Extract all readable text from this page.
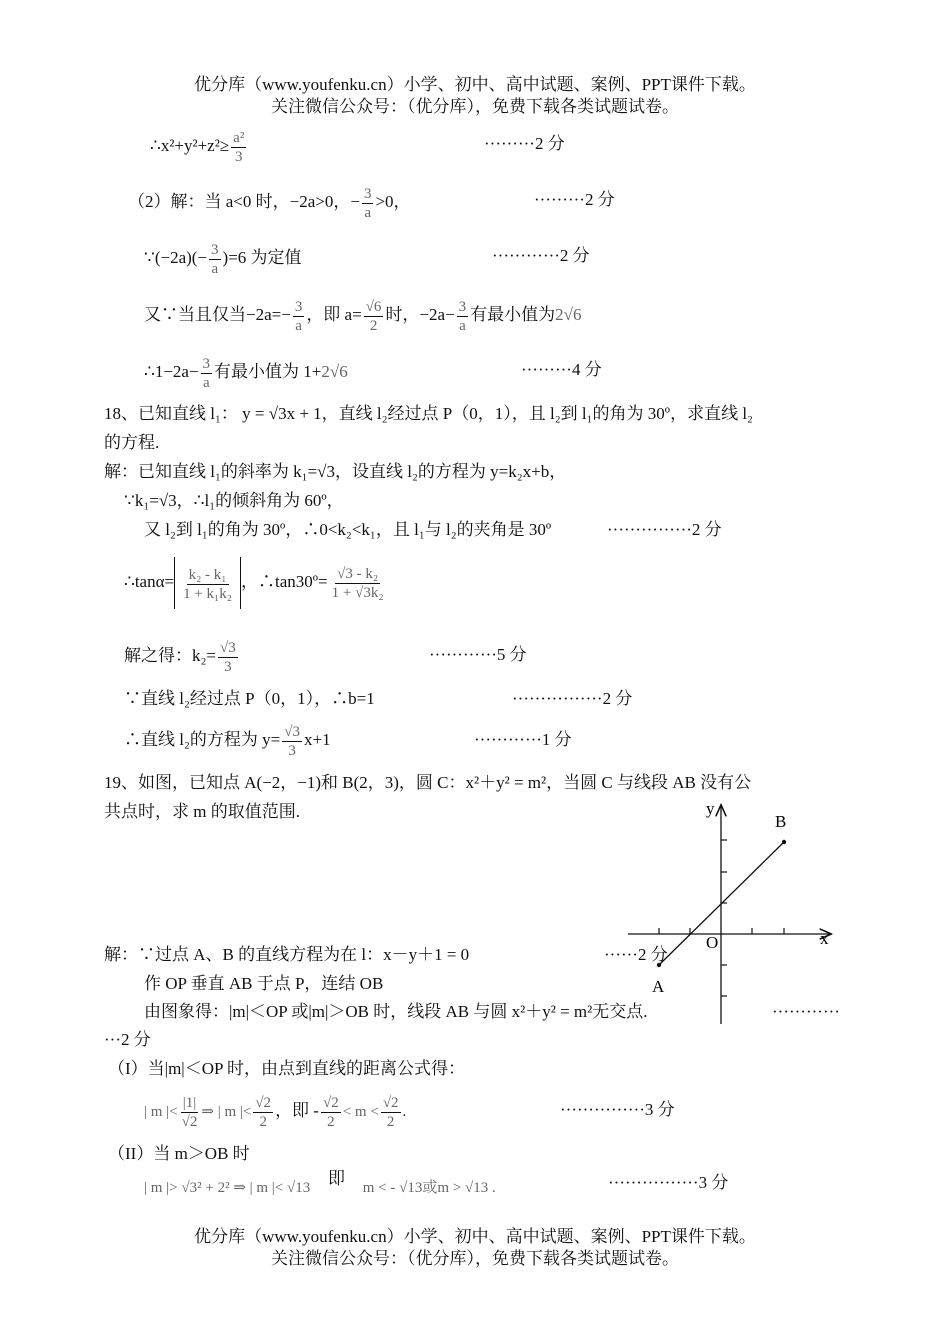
优分库（www.youfenku.cn）小学、初中、高中试题、案例、PPT课件下载。
关注微信公众号：（优分库），免费下载各类试题试卷。
∴x²+y²+z²≥ $\frac{\text{a²}}{3}$	·········2 分
（2）解：当 a<0 时，−2a>0，− $\frac{3}{a} >0$，	·········2 分
∵(−2a)(− $\frac{3}{a} )=6$ 为定值	············2 分
又∵当且仅当$-2a=- \frac{3}{a}$ ，即 $a= \frac{√6}{2}$ 时，$-2a- \frac{3}{a}$ 有最小值为2√6
∴1−2a− $\frac{3}{a}$ 有最小值为 1+2√6	·········4 分
18、已知直线 l₁： y = √3x + 1，直线 l₂经过点 P（0，1），且 l₂到 l₁的角为 30º，求直线 l₂
的方程.
解：已知直线 l₁的斜率为 k₁=√3，设直线 l₂的方程为 y=k₂x+b，
∵k₁=√3，∴l₁的倾斜角为 60º，
又 l₂到 l₁的角为 30º，∴0<k₂<k₁，且 l₁与 l₂的夹角是 30º	···············2 分
∴tanα= $\frac{\text{k₂ - k₁}}{\text{1 + k₁k₂}}$ ，∴tan30º= $\frac{\text{√3 - k₂}}{\text{1 + √3k₂}}$
解之得：$k_2= \frac{√3}{3}$	············5 分
∵直线 l₂经过点 P（0，1），∴b=1	················2 分
∴直线 l₂的方程为 $y= \frac{√3}{3} x+1$	············1 分
19、如图，已知点 A(−2，−1)和 B(2，3)，圆 C：x²＋y² = m²，当圆 C 与线段 AB 没有公
共点时，求 m 的取值范围.	y
x
O
A
B
解：∵过点 A、B 的直线方程为在 l：x－y＋1 = 0	······2 分
作 OP 垂直 AB 于点 P，连结 OB
由图象得：|m|＜OP 或|m|＞OB 时，线段 AB 与圆 x²＋y² = m²无交点.	············
···2 分
（I）当|m|＜OP 时，由点到直线的距离公式得：
| m |< $\frac{|1|}{√2}$ ⇒ | m |< $\frac{√2}{2}$ ，即 - $\frac{√2}{2} < m < \frac{√2}{2}$ .	···············3 分
（II）当 m＞OB 时
| m |> √3² + 2² ⇒ | m |< √13 即 m < - √13或m > √13 .	················3 分
优分库（www.youfenku.cn）小学、初中、高中试题、案例、PPT课件下载。
关注微信公众号：（优分库），免费下载各类试题试卷。
